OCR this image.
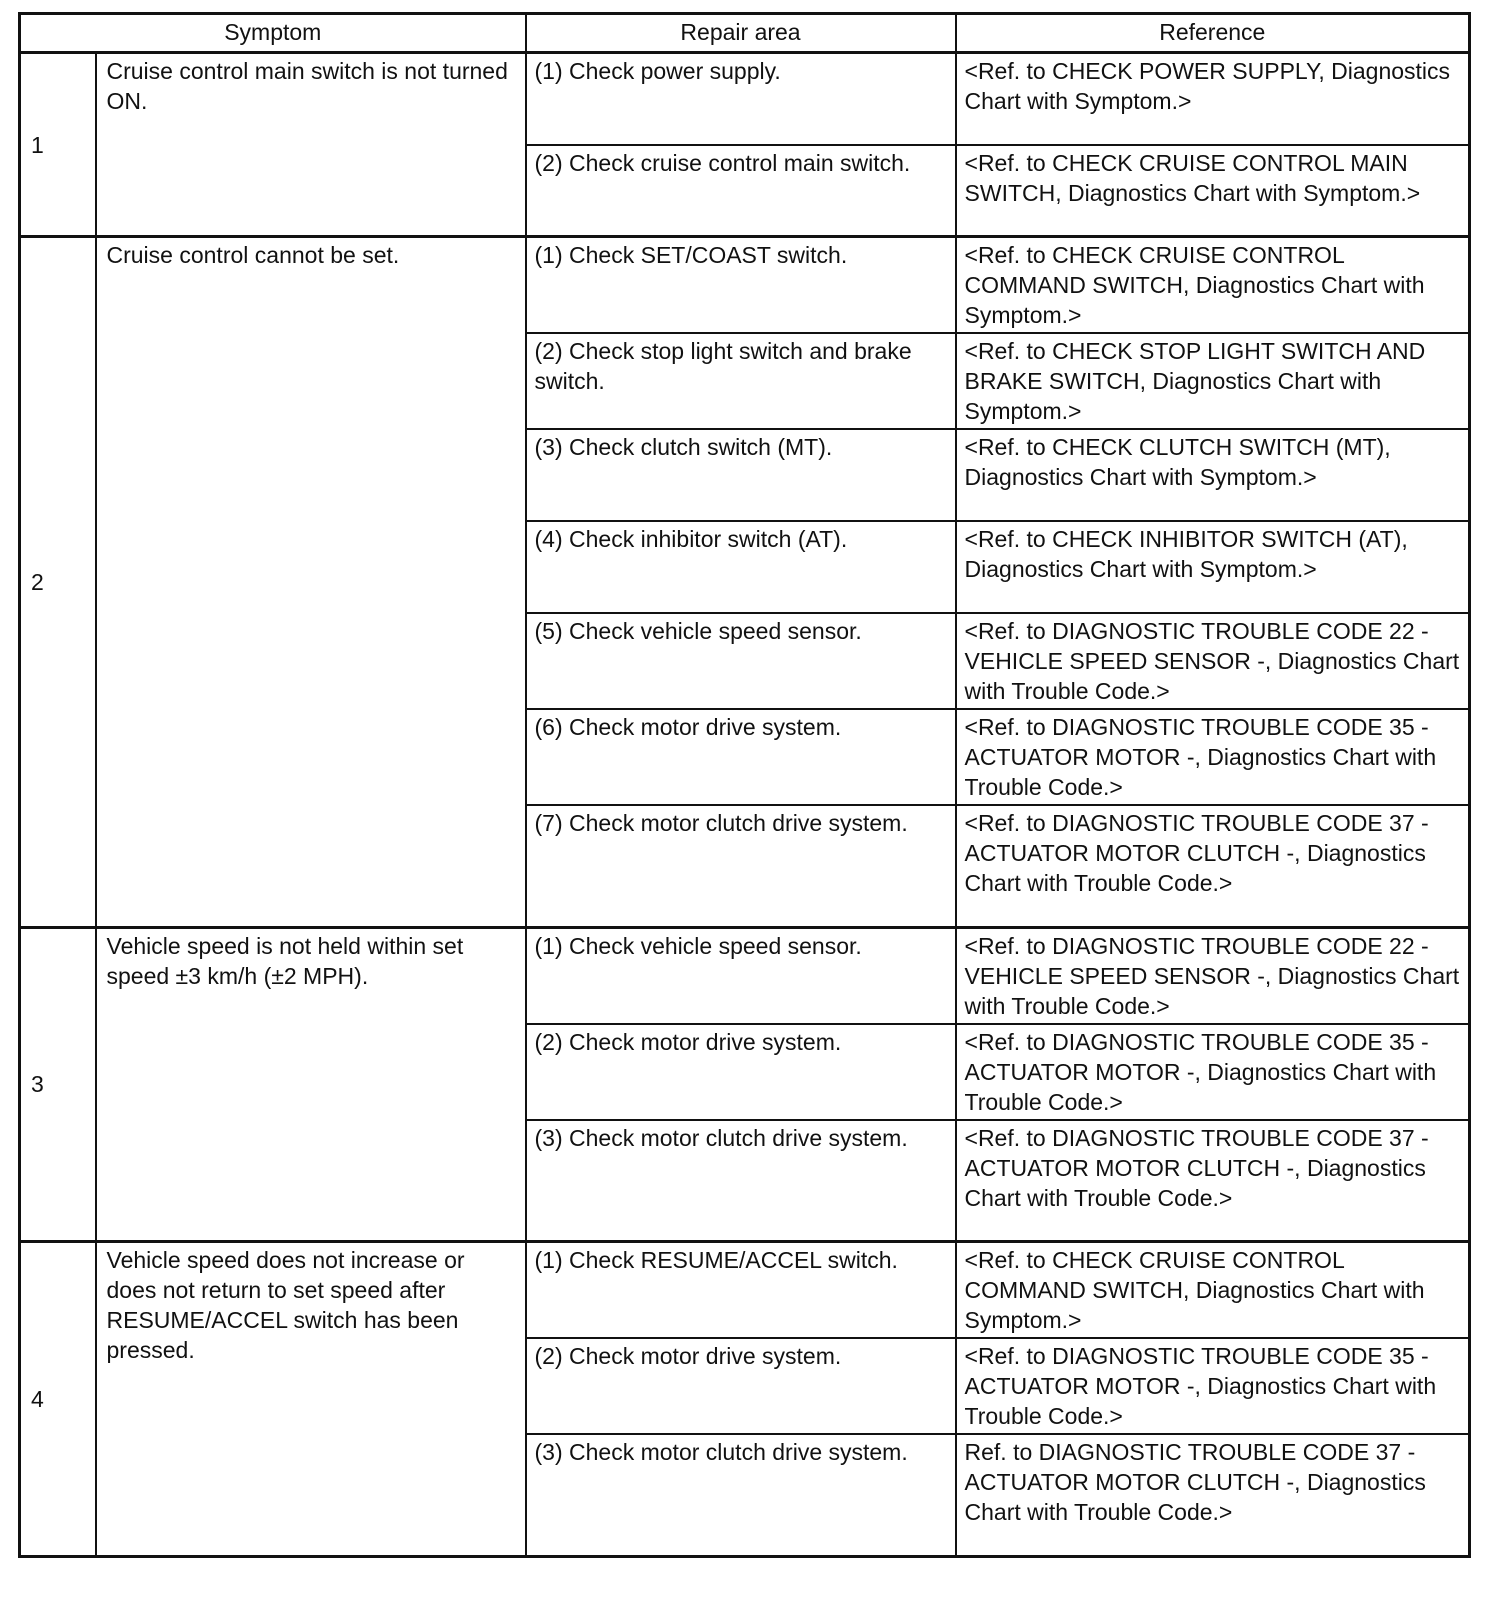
Symptom		Repair area	Reference
1	Cruise control main switch is not turned ON.	(1) Check power supply.	<Ref. to CHECK POWER SUPPLY, Diagnostics Chart with Symptom.>
		(2) Check cruise control main switch.	<Ref. to CHECK CRUISE CONTROL MAIN SWITCH, Diagnostics Chart with Symptom.>
2	Cruise control cannot be set.	(1) Check SET/COAST switch.	<Ref. to CHECK CRUISE CONTROL COMMAND SWITCH, Diagnostics Chart with Symptom.>
		(2) Check stop light switch and brake switch.	<Ref. to CHECK STOP LIGHT SWITCH AND BRAKE SWITCH, Diagnostics Chart with Symptom.>
		(3) Check clutch switch (MT).	<Ref. to CHECK CLUTCH SWITCH (MT), Diagnostics Chart with Symptom.>
		(4) Check inhibitor switch (AT).	<Ref. to CHECK INHIBITOR SWITCH (AT), Diagnostics Chart with Symptom.>
		(5) Check vehicle speed sensor.	<Ref. to DIAGNOSTIC TROUBLE CODE 22 - VEHICLE SPEED SENSOR -, Diagnostics Chart with Trouble Code.>
		(6) Check motor drive system.	<Ref. to DIAGNOSTIC TROUBLE CODE 35 - ACTUATOR MOTOR -, Diagnostics Chart with Trouble Code.>
		(7) Check motor clutch drive system.	<Ref. to DIAGNOSTIC TROUBLE CODE 37 - ACTUATOR MOTOR CLUTCH -, Diagnostics Chart with Trouble Code.>
3	Vehicle speed is not held within set speed ±3 km/h (±2 MPH).	(1) Check vehicle speed sensor.	<Ref. to DIAGNOSTIC TROUBLE CODE 22 - VEHICLE SPEED SENSOR -, Diagnostics Chart with Trouble Code.>
		(2) Check motor drive system.	<Ref. to DIAGNOSTIC TROUBLE CODE 35 - ACTUATOR MOTOR -, Diagnostics Chart with Trouble Code.>
		(3) Check motor clutch drive system.	<Ref. to DIAGNOSTIC TROUBLE CODE 37 - ACTUATOR MOTOR CLUTCH -, Diagnostics Chart with Trouble Code.>
4	Vehicle speed does not increase or does not return to set speed after RESUME/ACCEL switch has been pressed.	(1) Check RESUME/ACCEL switch.	<Ref. to CHECK CRUISE CONTROL COMMAND SWITCH, Diagnostics Chart with Symptom.>
		(2) Check motor drive system.	<Ref. to DIAGNOSTIC TROUBLE CODE 35 - ACTUATOR MOTOR -, Diagnostics Chart with Trouble Code.>
		(3) Check motor clutch drive system.	Ref. to DIAGNOSTIC TROUBLE CODE 37 - ACTUATOR MOTOR CLUTCH -, Diagnostics Chart with Trouble Code.>
